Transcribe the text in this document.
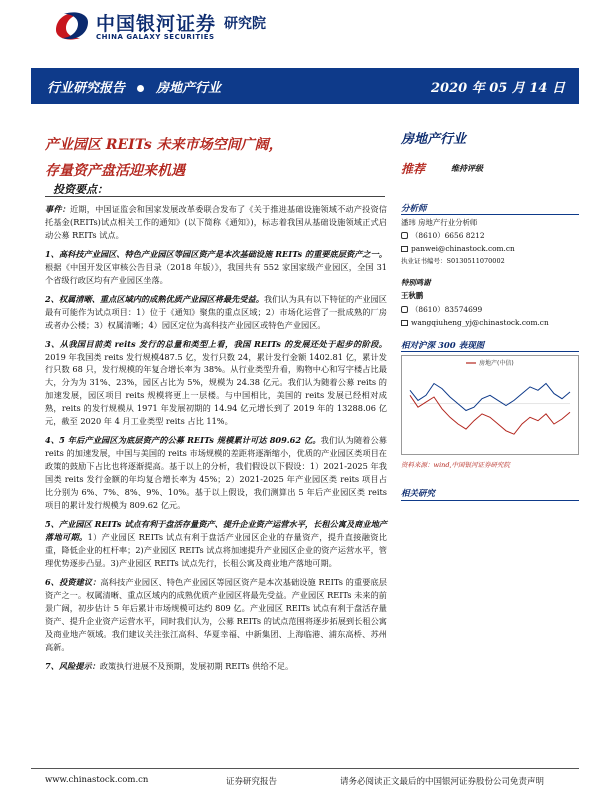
中国银河证券 研究院
CHINA GALAXY SECURITIES
行业研究报告 房地产行业	2020 年 05 月 14 日
产业园区 REITs 未来市场空间广阔，
存量资产盘活迎来机遇
投资要点：

事件：近期，中国证监会和国家发展改革委联合发布了《关于推进基础设施领域不动产投资信托基金(REITs)试点相关工作的通知》(以下简称《通知》)，标志着我国从基础设施领域正式启动公募 REITs 试点。

1、高科技产业园区、特色产业园区等园区资产是本次基础设施 REITs 的重要底层资产之一。根据《中国开发区审核公告目录（2018 年版）》，我国共有 552 家国家级产业园区，全国 31 个省级行政区均有产业园区坐落。

2、权属清晰、重点区域内的成熟优质产业园区将最先受益。我们认为具有以下特征的产业园区最有可能作为试点项目：1）位于《通知》聚焦的重点区域；2）市场化运营了一批成熟的厂房或者办公楼；3）权属清晰；4）园区定位为高科技产业园区或特色产业园区。

3、从我国目前类 reits 发行的总量和类型上看，我国 REITs 的发展还处于起步的阶段。2019 年我国类 reits 发行规模487.5 亿，发行只数 24，累计发行金额 1402.81 亿，累计发行只数 68 只，发行规模的年复合增长率为 38%。从行业类型升看，购物中心和写字楼占比最大，分为为 31%、23%，园区占比为 5%，规模为 24.38 亿元。我们认为随着公募 reits 的加速发展，园区项目 reits 规模将更上一层楼。与中国相比，美国的 reits 发展已经相对成熟，reits 的发行规模从 1971 年发展初期的 14.94 亿元增长到了 2019 年的 13288.06 亿元，截至 2020 年 4 月工业类型 reits 占比 11%。

4、5 年后产业园区为底层资产的公募 REITs 规模累计可达 809.62 亿。我们认为随着公募 reits 的加速发展，中国与美国的 reits 市场规模的差距将逐渐缩小，优质的产业园区类项目在政策的鼓励下占比也将逐渐提高。基于以上的分析，我们假设以下假设：1）2021-2025 年我国类 reits 发行金额的年均复合增长率为 45%；2）2021-2025 年产业园区类 reits 项目占比分别为 6%、7%、8%、9%、10%。基于以上假设，我们测算出 5 年后产业园区类 reits 项目的累计发行规模为 809.62 亿元。

5、产业园区 REITs 试点有利于盘活存量资产、提升企业资产运营水平，长租公寓及商业地产落地可期。1）产业园区 REITs 试点有利于盘活产业园区企业的存量资产，提升直接融资比重，降低企业的杠杆率；2)产业园区 REITs 试点将加速提升产业园区企业的资产运营水平，管理优势逐步凸显。3)产业园区 REITs 试点先行，长租公寓及商业地产落地可期。

6、投资建议：高科技产业园区、特色产业园区等园区资产是本次基础设施 REITs 的重要底层资产之一。权属清晰、重点区域内的成熟优质产业园区将最先受益。产业园区 REITs 未来的前景广阔，初步估计 5 年后累计市场规模可达约 809 亿。产业园区 REITs 试点有利于盘活存量资产、提升企业资产运营水平，同时我们认为，公募 REITs 的试点范围将逐步拓展到长租公寓及商业地产领域。我们建议关注张江高科、华夏幸福、中新集团、上海临港、浦东高桥、苏州高新。

7、风险提示：政策执行进展不及预期，发展初期 REITs 供给不足。

房地产行业
推荐	维持评级
分析师
潘玮 房地产行业分析师
（8610）6656 8212
panwei@chinastock.com.cn
执业证书编号：S0130511070002
特别鸣谢
王秋鹏
（8610）83574699
wangqiuheng_yj@chinastock.com.cn
相对沪深 300 表现图
房地产(中信)
资料来源：wind,中国银河证券研究院
相关研究
www.chinastock.com.cn	证券研究报告	请务必阅读正文最后的中国银河证券股份公司免责声明
